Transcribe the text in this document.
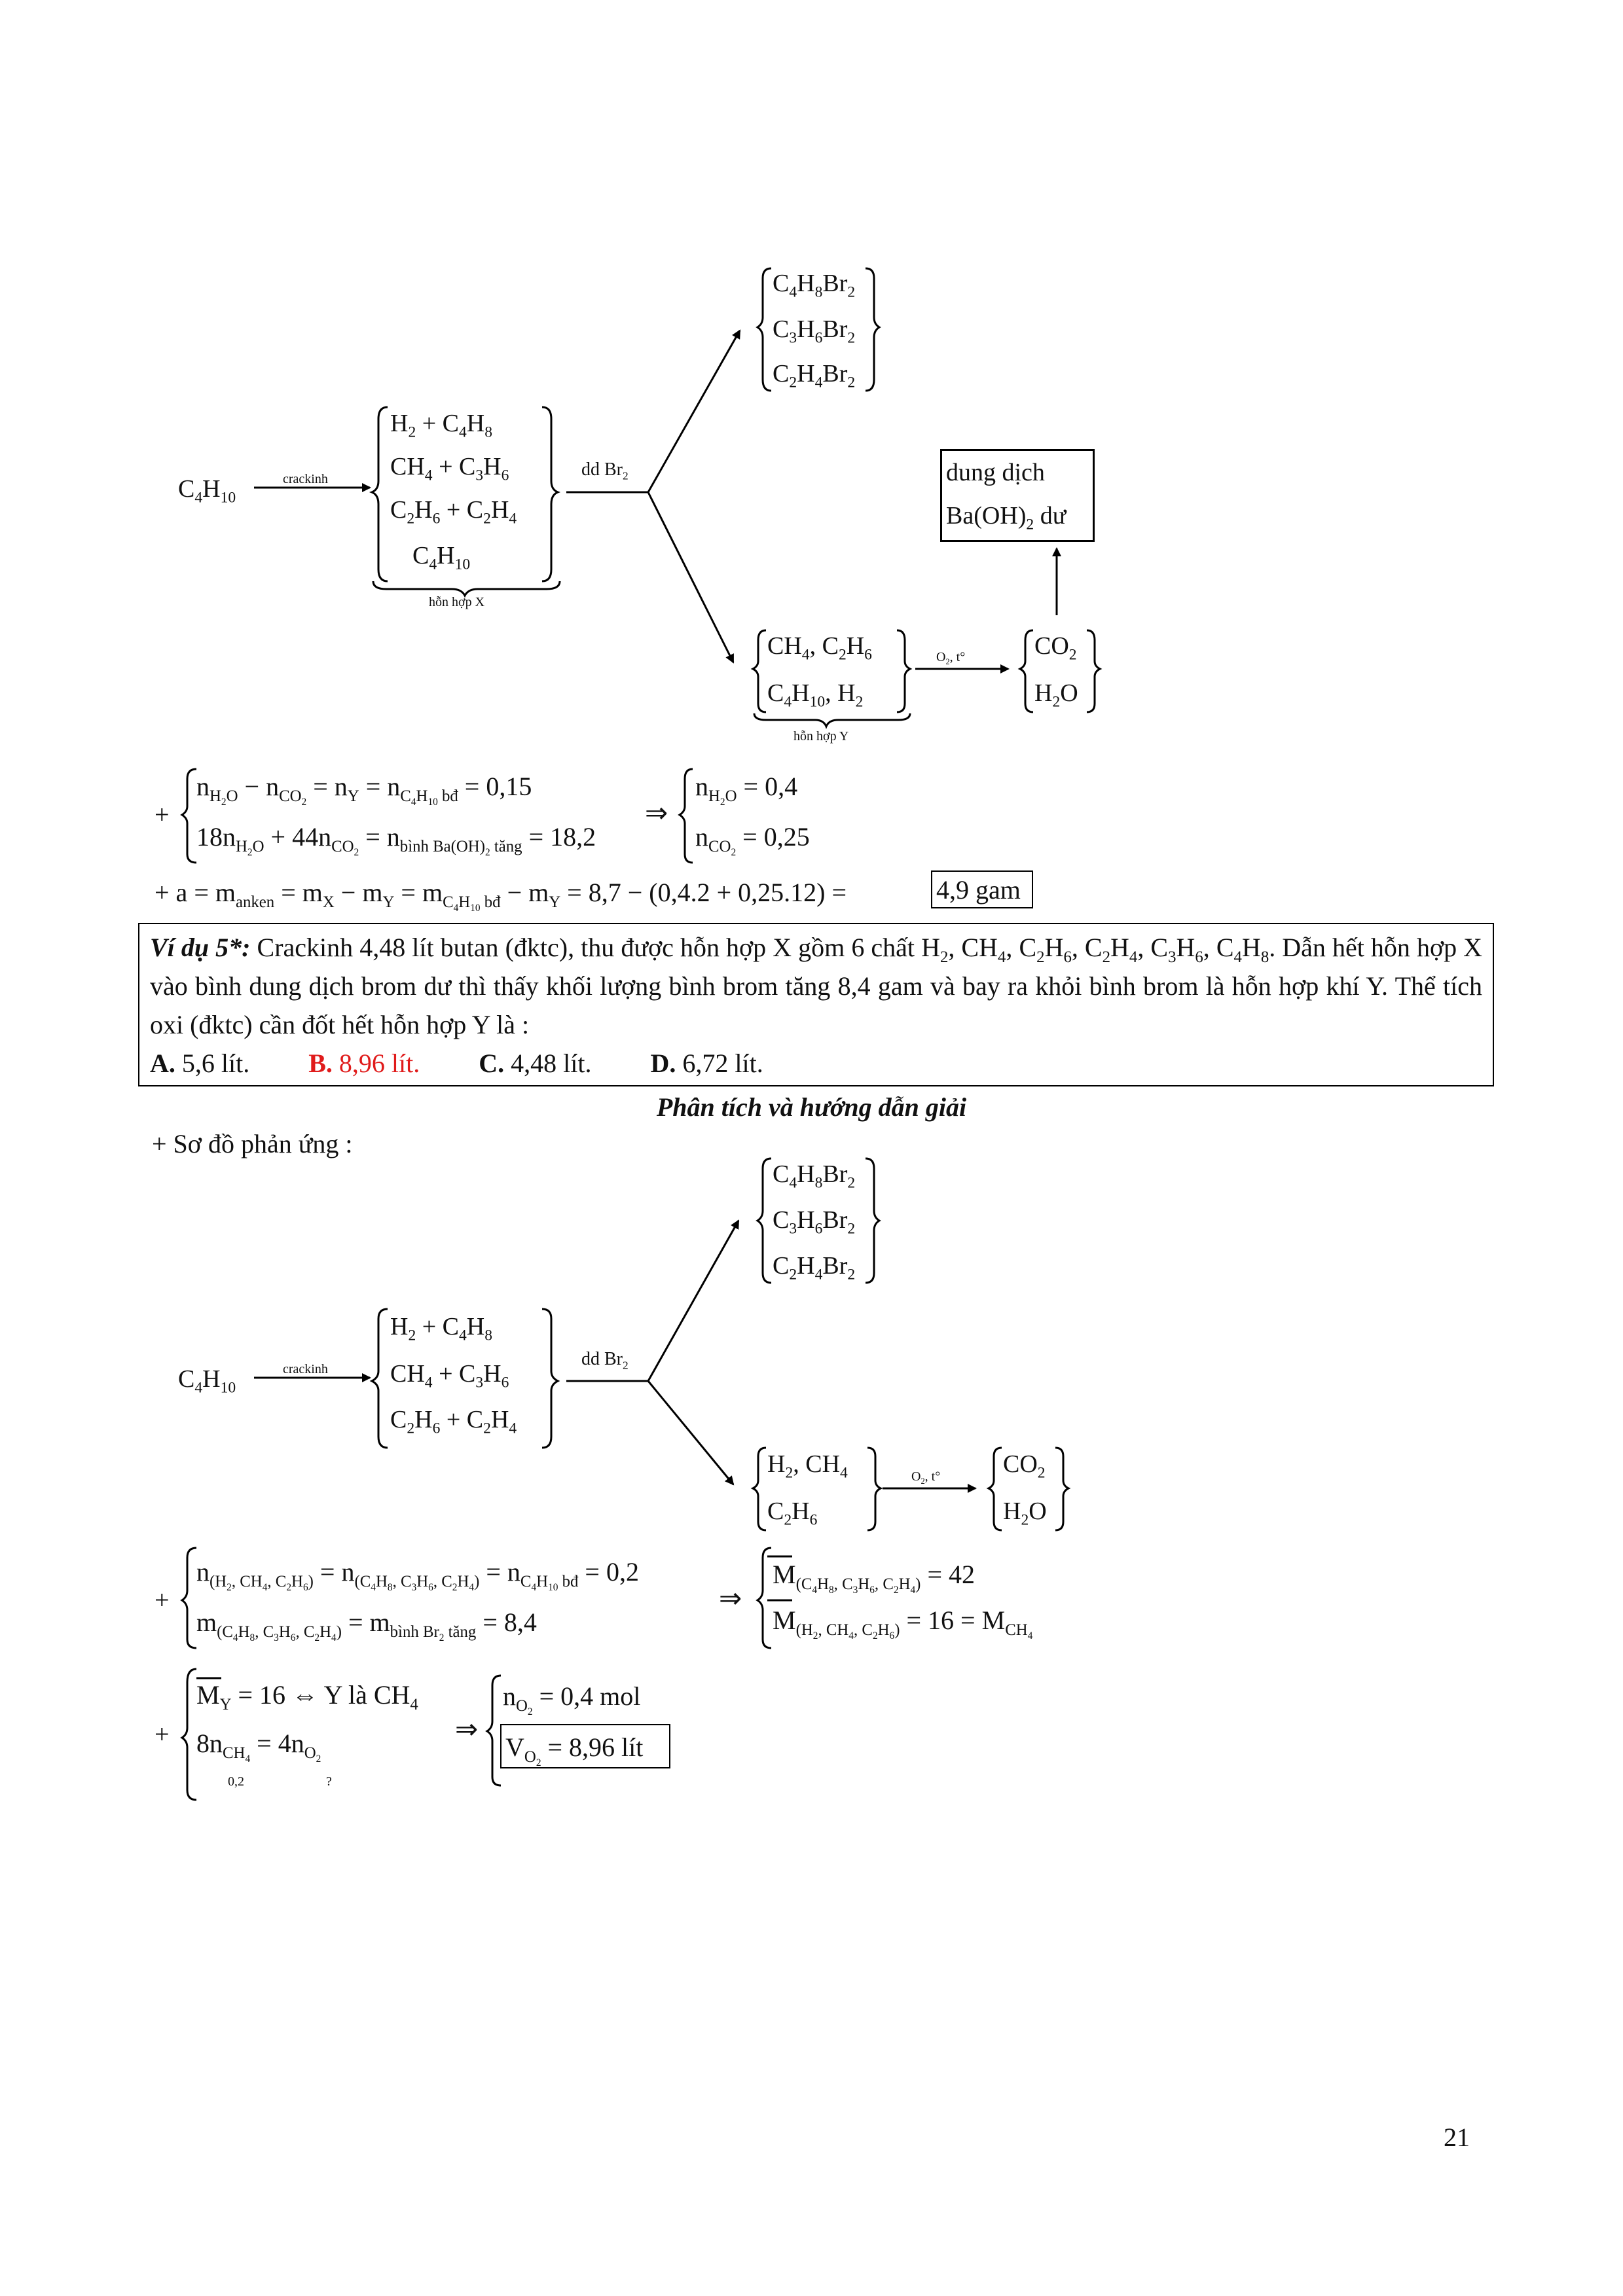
$C_4H_{10}$
crackinh
$H_2 + C_4H_8$
$CH_4 + C_3H_6$
$C_2H_6 + C_2H_4$
$C_4H_{10}$
hỗn hợp X
dd $Br_2$
$C_4H_8Br_2$
$C_3H_6Br_2$
$C_2H_4Br_2$
$CH_4$, $C_2H_6$
$C_4H_{10}$, $H_2$
hỗn hợp Y
$O_2$, t°	$CO_2$
$H_2O$
dung dịch
$Ba(OH)_2$ dư
+
$n_{H_2O} - n_{CO_2} = n_Y = n_{C_4H_{10} bđ} = 0,15$
$18n_{H_2O} + 44n_{CO_2} = n_{bình Ba(OH)_2 tăng} = 18,2$
⇒
$n_{H_2O} = 0,4$
$n_{CO_2} = 0,25$
+ $a = m_{anken} = m_X - m_Y = m_{C_4H_{10} bđ} - m_Y = 8,7 - (0,4.2 + 0,25.12)$ =	4,9 gam
Ví dụ 5*: Crackinh 4,48 lít butan (đktc), thu được hỗn hợp X gồm 6 chất $H_2$, $CH_4$, $C_2H_6$, $C_2H_4$, $C_3H_6$, $C_4H_8$. Dẫn hết hỗn hợp X vào bình dung dịch brom dư thì thấy khối lượng bình brom tăng 8,4 gam và bay ra khỏi bình brom là hỗn hợp khí Y. Thể tích oxi (đktc) cần đốt hết hỗn hợp Y là :
A. 5,6 lít. B. 8,96 lít. C. 4,48 lít. D. 6,72 lít.
Phân tích và hướng dẫn giải
+ Sơ đồ phản ứng :
$C_4H_{10}$
crackinh
$H_2 + C_4H_8$
$CH_4 + C_3H_6$
$C_2H_6 + C_2H_4$
dd $Br_2$
$C_4H_8Br_2$
$C_3H_6Br_2$
$C_2H_4Br_2$
$H_2$, $CH_4$
$C_2H_6$
$O_2$, t°	$CO_2$
$H_2O$
+
$n_{(H_2, CH_4, C_2H_6)} = n_{(C_4H_8, C_3H_6, C_2H_4)} = n_{C_4H_{10} bđ} = 0,2$
$m_{(C_4H_8, C_3H_6, C_2H_4)} = m_{bình Br_2 tăng} = 8,4$
⇒
$M_{(C_4H_8, C_3H_6, C_2H_4)} = 42$
$M_{(H_2, CH_4, C_2H_6)} = 16 = M_{CH_4}$
+
$M_Y = 16$ ⇔ Y là $CH_4$
$8n_{CH_4} = 4n_{O_2}$
0,2	?
⇒
$n_{O_2} = 0,4$ mol
$V_{O_2} = 8,96$ lít
21
